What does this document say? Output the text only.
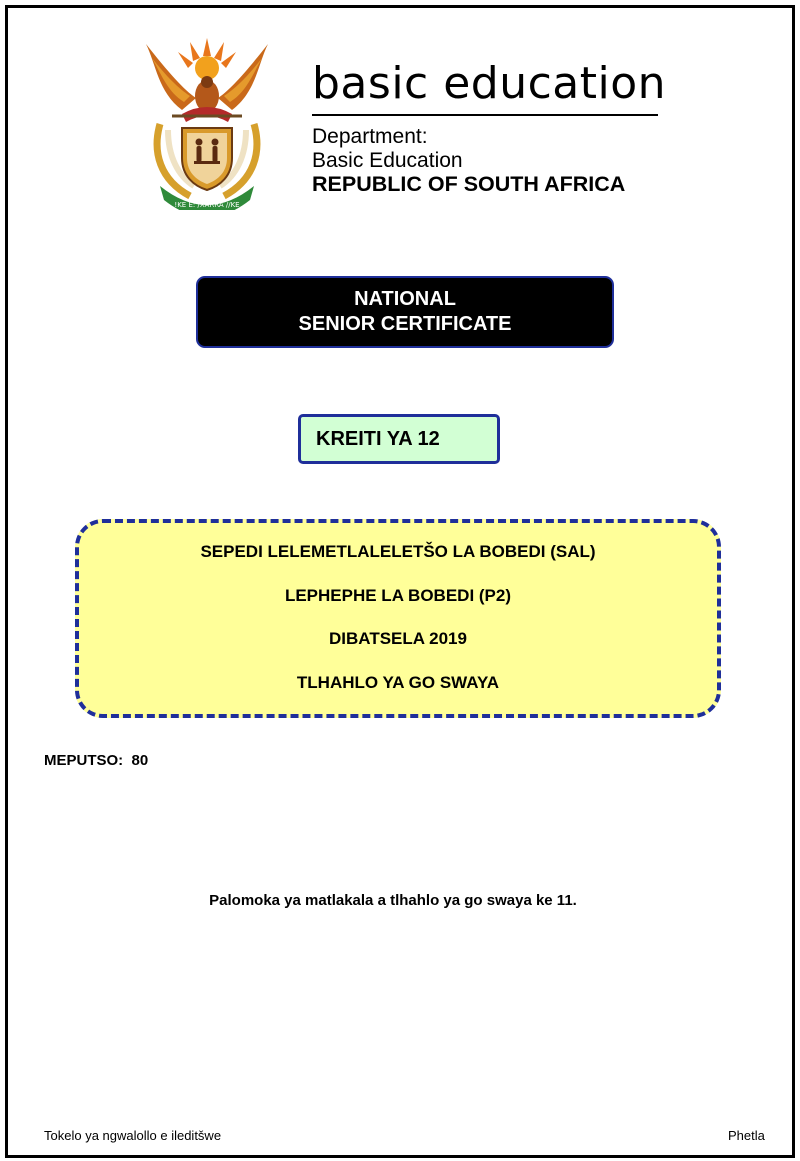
!KE E: /XARRA //KE
basic education
Department:
Basic Education
REPUBLIC OF SOUTH AFRICA
NATIONAL
SENIOR CERTIFICATE
KREITI YA 12
SEPEDI LELEMETLALELETŠO LA BOBEDI (SAL)
LEPHEPHE LA BOBEDI (P2)
DIBATSELA 2019
TLHAHLO YA GO SWAYA
MEPUTSO:  80
Palomoka ya matlakala a tlhahlo ya go swaya ke 11.
Tokelo ya ngwalollo e ileditšwe	Phetla
